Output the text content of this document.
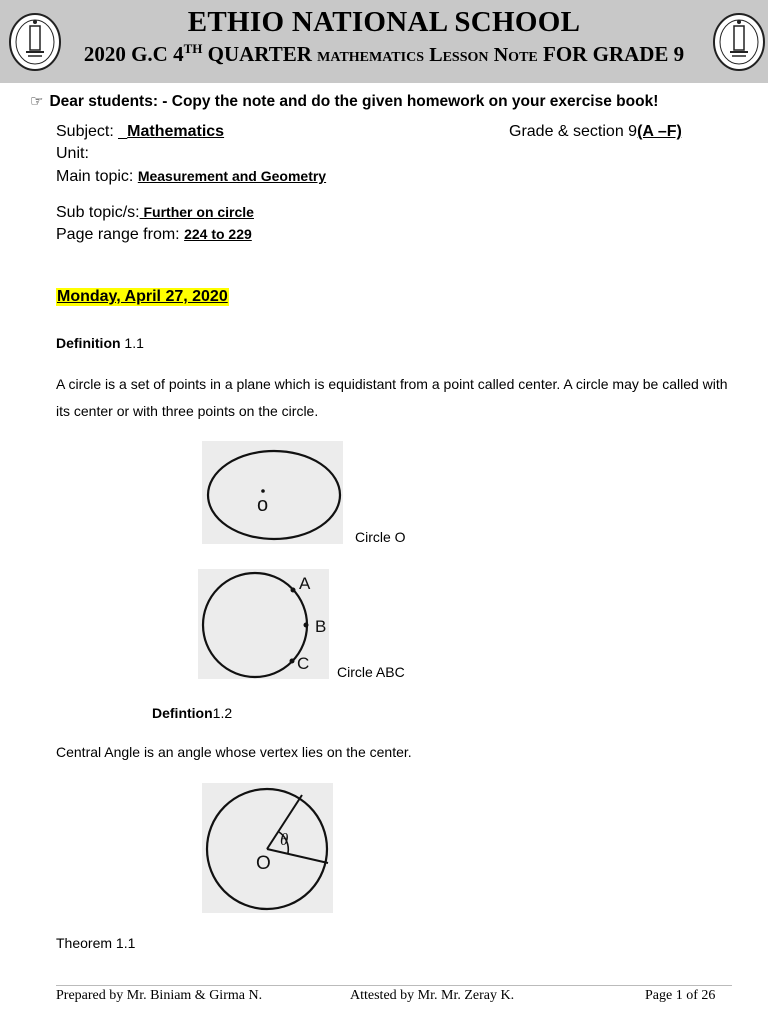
ETHIO NATIONAL SCHOOL
2020 G.C 4TH QUARTER mathematics Lesson Note FOR GRADE 9
☞ Dear students: - Copy the note and do the given homework on your exercise book!
Subject: _Mathematics	Grade & section 9(A –F)
Unit:
Main topic: Measurement and Geometry
Sub topic/s: Further on circle
Page range from: 224 to 229
Monday, April 27, 2020
Definition 1.1
A circle is a set of points in a plane which is equidistant from a point called center. A circle may be called with its center or with three points on the circle.
o
Circle O
A
B
C Circle ABC
Defintion1.2
Central Angle is an angle whose vertex lies on the center.
θ
O
Theorem 1.1
Prepared by Mr. Biniam & Girma N.	Attested by Mr. Mr. Zeray K.	Page 1 of 26
